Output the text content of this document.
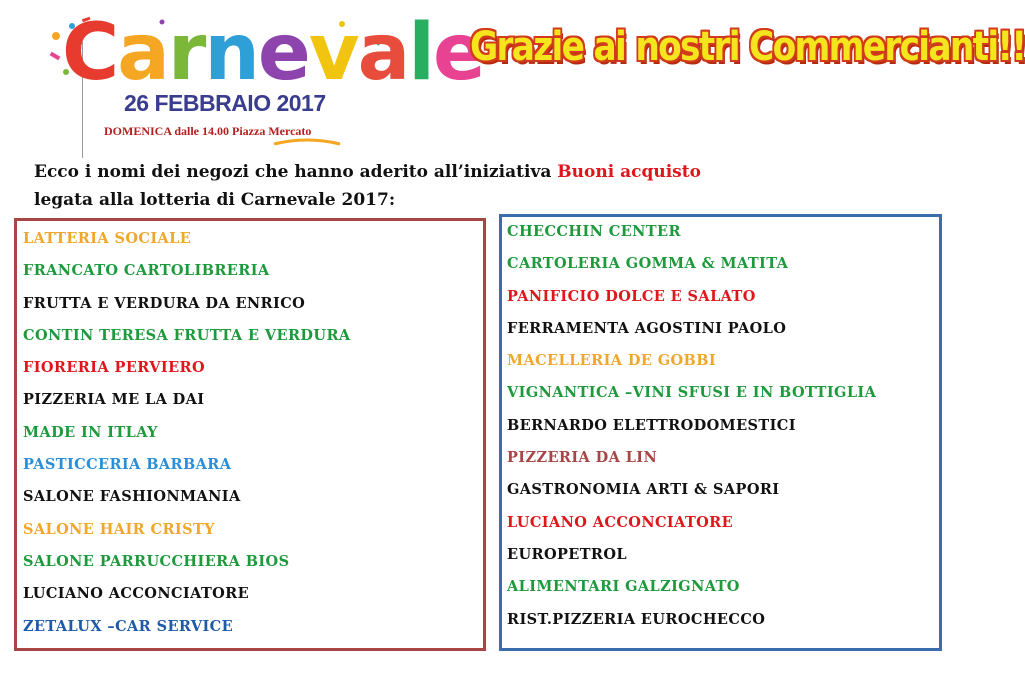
Carnevale
26 FEBBRAIO 2017
DOMENICA dalle 14.00 Piazza Mercato
Grazie ai nostri Commercianti!!
Ecco i nomi dei negozi che hanno aderito all’iniziativa Buoni acquisto
legata alla lotteria di Carnevale 2017:
LATTERIA SOCIALE
FRANCATO CARTOLIBRERIA
FRUTTA E VERDURA DA ENRICO
CONTIN TERESA FRUTTA E VERDURA
FIORERIA PERVIERO
PIZZERIA ME LA DAI
MADE IN ITLAY
PASTICCERIA BARBARA
SALONE FASHIONMANIA
SALONE HAIR CRISTY
SALONE PARRUCCHIERA BIOS
LUCIANO ACCONCIATORE
ZETALUX –CAR SERVICE
CHECCHIN CENTER
CARTOLERIA GOMMA & MATITA
PANIFICIO DOLCE E SALATO
FERRAMENTA AGOSTINI PAOLO
MACELLERIA DE GOBBI
VIGNANTICA –VINI SFUSI E IN BOTTIGLIA
BERNARDO ELETTRODOMESTICI
PIZZERIA DA LIN
GASTRONOMIA ARTI & SAPORI
LUCIANO ACCONCIATORE
EUROPETROL
ALIMENTARI GALZIGNATO
RIST.PIZZERIA EUROCHECCO
